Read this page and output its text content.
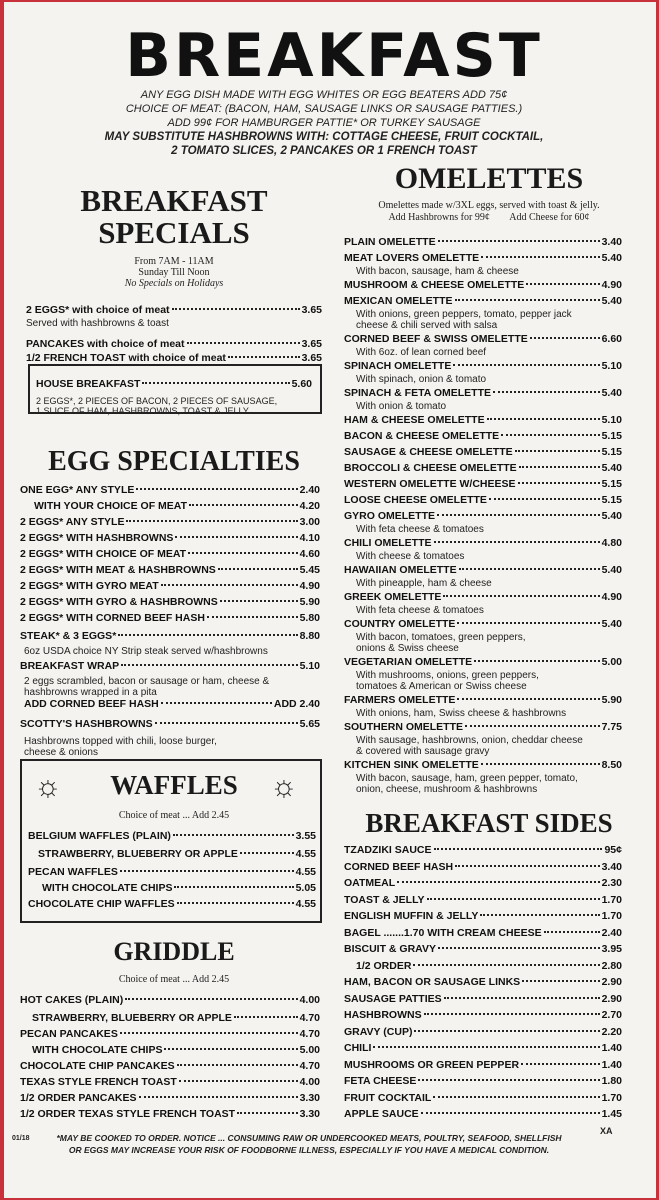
BREAKFAST
ANY EGG DISH MADE WITH EGG WHITES OR EGG BEATERS ADD 75¢
CHOICE OF MEAT: (BACON, HAM, SAUSAGE LINKS OR SAUSAGE PATTIES.)
ADD 99¢ FOR HAMBURGER PATTIE* OR TURKEY SAUSAGE
MAY SUBSTITUTE HASHBROWNS WITH: COTTAGE CHEESE, FRUIT COCKTAIL,
2 TOMATO SLICES, 2 PANCAKES OR 1 FRENCH TOAST
BREAKFAST
SPECIALS
From 7AM - 11AM
Sunday Till Noon
No Specials on Holidays
HOUSE BREAKFAST	5.60
2 EGGS*, 2 PIECES OF BACON, 2 PIECES OF SAUSAGE,
1 SLICE OF HAM, HASHBROWNS, TOAST & JELLY
EGG SPECIALTIES
6oz USDA choice NY Strip steak served w/hashbrowns
2 eggs scrambled, bacon or sausage or ham, cheese &
hashbrowns wrapped in a pita
Hashbrowns topped with chili, loose burger,
cheese & onions
☼	☼
WAFFLES
Choice of meat ... Add 2.45
GRIDDLE
Choice of meat ... Add 2.45
OMELETTES
Omelettes made w/3XL eggs, served with toast & jelly.
Add Hashbrowns for 99¢        Add Cheese for 60¢
BREAKFAST SIDES
01/18	*MAY BE COOKED TO ORDER. NOTICE ... CONSUMING RAW OR UNDERCOOKED MEATS, POULTRY, SEAFOOD, SHELLFISH
OR EGGS MAY INCREASE YOUR RISK OF FOODBORNE ILLNESS, ESPECIALLY IF YOU HAVE A MEDICAL CONDITION.
XA
2 EGGS* with choice of meat	3.65
Served with hashbrowns & toast
PANCAKES with choice of meat	3.65
1/2 FRENCH TOAST with choice of meat	3.65
ONE EGG* ANY STYLE	2.40
WITH YOUR CHOICE OF MEAT	4.20
2 EGGS* ANY STYLE	3.00
2 EGGS* WITH HASHBROWNS	4.10
2 EGGS* WITH CHOICE OF MEAT	4.60
2 EGGS* WITH MEAT & HASHBROWNS	5.45
2 EGGS* WITH GYRO MEAT	4.90
2 EGGS* WITH GYRO & HASHBROWNS	5.90
2 EGGS* WITH CORNED BEEF HASH	5.80
STEAK* & 3 EGGS*	8.80
BREAKFAST WRAP	5.10
ADD CORNED BEEF HASH	ADD 2.40
SCOTTY'S HASHBROWNS	5.65
BELGIUM WAFFLES (PLAIN)	3.55
STRAWBERRY, BLUEBERRY OR APPLE	4.55
PECAN WAFFLES	4.55
WITH CHOCOLATE CHIPS	5.05
CHOCOLATE CHIP WAFFLES	4.55
HOT CAKES (PLAIN)	4.00
STRAWBERRY, BLUEBERRY OR APPLE	4.70
PECAN PANCAKES	4.70
WITH CHOCOLATE CHIPS	5.00
CHOCOLATE CHIP PANCAKES	4.70
TEXAS STYLE FRENCH TOAST	4.00
1/2 ORDER PANCAKES	3.30
1/2 ORDER TEXAS STYLE FRENCH TOAST	3.30
PLAIN OMELETTE	3.40
MEAT LOVERS OMELETTE	5.40
With bacon, sausage, ham & cheese
MUSHROOM & CHEESE OMELETTE	4.90
MEXICAN OMELETTE	5.40
With onions, green peppers, tomato, pepper jack
cheese & chili served with salsa
CORNED BEEF & SWISS OMELETTE	6.60
With 6oz. of lean corned beef
SPINACH OMELETTE	5.10
With spinach, onion & tomato
SPINACH & FETA OMELETTE	5.40
With onion & tomato
HAM & CHEESE OMELETTE	5.10
BACON & CHEESE OMELETTE	5.15
SAUSAGE & CHEESE OMELETTE	5.15
BROCCOLI & CHEESE OMELETTE	5.40
WESTERN OMELETTE W/CHEESE	5.15
LOOSE CHEESE OMELETTE	5.15
GYRO OMELETTE	5.40
With feta cheese & tomatoes
CHILI OMELETTE	4.80
With cheese & tomatoes
HAWAIIAN OMELETTE	5.40
With pineapple, ham & cheese
GREEK OMELETTE	4.90
With feta cheese & tomatoes
COUNTRY OMELETTE	5.40
With bacon, tomatoes, green peppers,
onions & Swiss cheese
VEGETARIAN OMELETTE	5.00
With mushrooms, onions, green peppers,
tomatoes & American or Swiss cheese
FARMERS OMELETTE	5.90
With onions, ham, Swiss cheese & hashbrowns
SOUTHERN OMELETTE	7.75
With sausage, hashbrowns, onion, cheddar cheese
& covered with sausage gravy
KITCHEN SINK OMELETTE	8.50
With bacon, sausage, ham, green pepper, tomato,
onion, cheese, mushroom & hashbrowns
TZADZIKI SAUCE	95¢
CORNED BEEF HASH	3.40
OATMEAL	2.30
TOAST & JELLY	1.70
ENGLISH MUFFIN & JELLY	1.70
BAGEL .......1.70 WITH CREAM CHEESE	2.40
BISCUIT & GRAVY	3.95
1/2 ORDER	2.80
HAM, BACON OR SAUSAGE LINKS	2.90
SAUSAGE PATTIES	2.90
HASHBROWNS	2.70
GRAVY (CUP)	2.20
CHILI	1.40
MUSHROOMS OR GREEN PEPPER	1.40
FETA CHEESE	1.80
FRUIT COCKTAIL	1.70
APPLE SAUCE	1.45
